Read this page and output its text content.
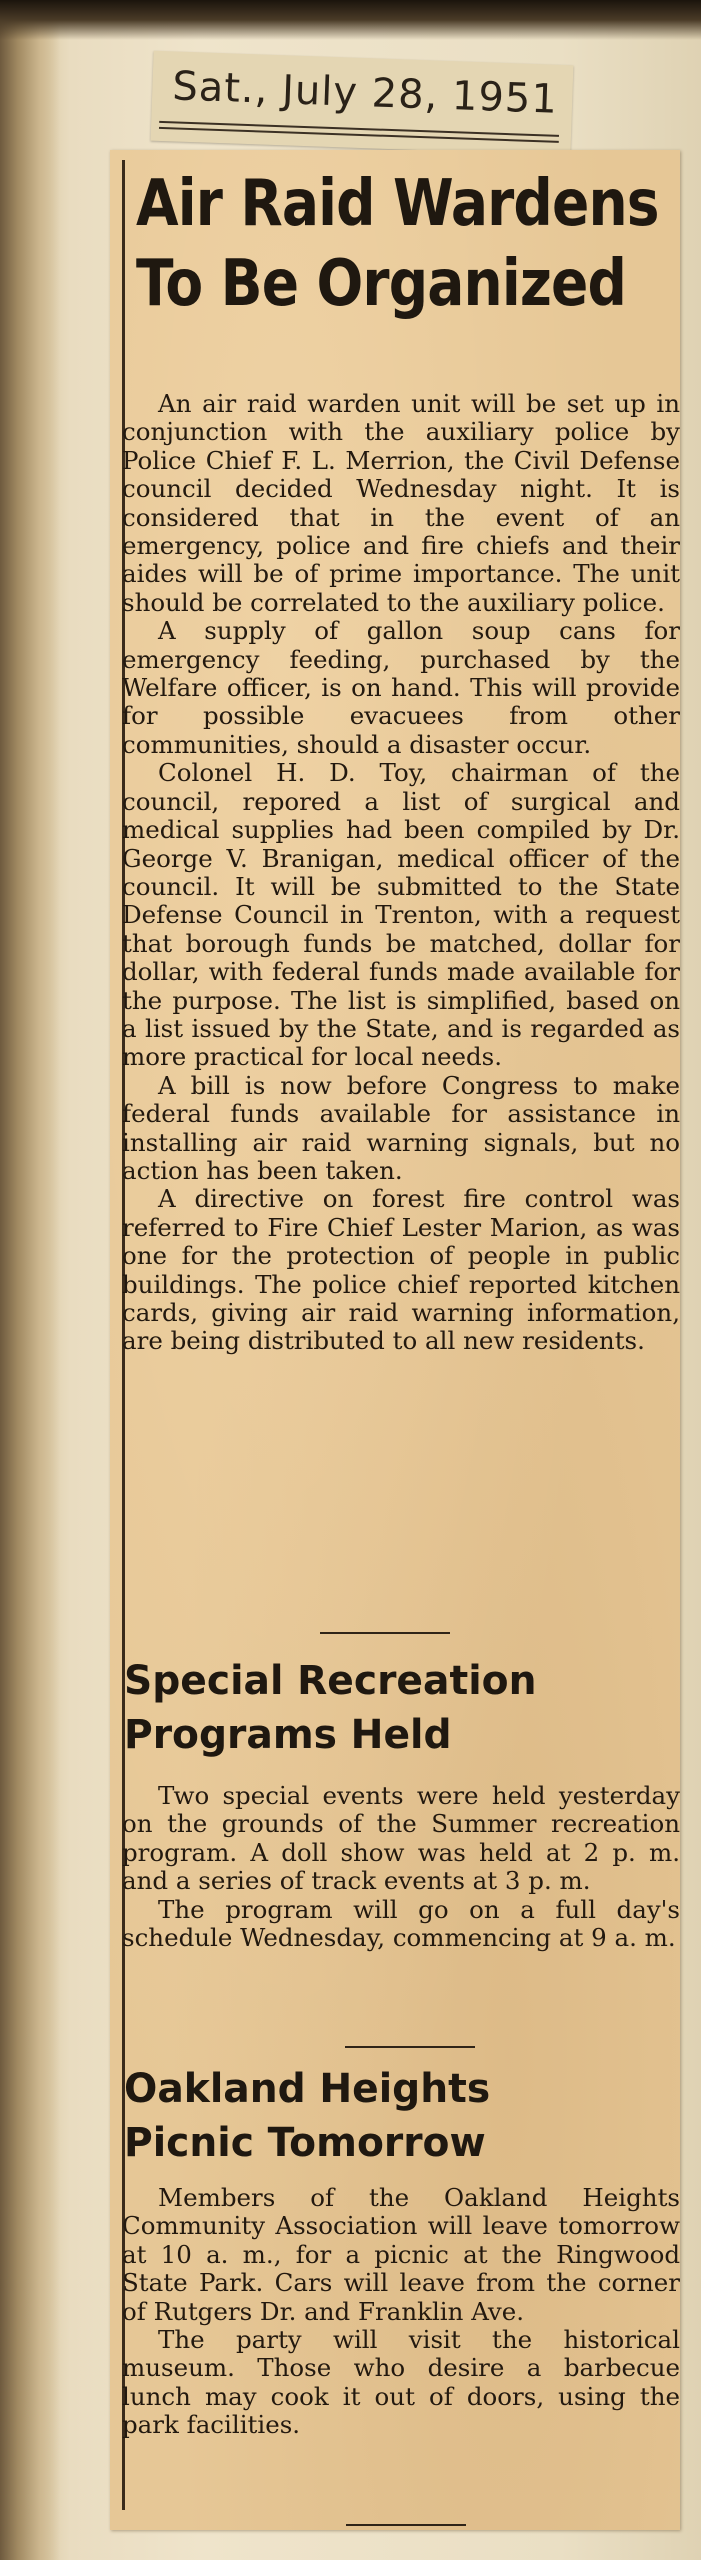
Sat., July 28, 1951
Air Raid Wardens
To Be Organized

An air raid warden unit will be set up in conjunction with the auxiliary police by Police Chief F. L. Merrion, the Civil Defense council decided Wednesday night. It is considered that in the event of an emergency, police and fire chiefs and their aides will be of prime importance. The unit should be correlated to the auxiliary police.

A supply of gallon soup cans for emergency feeding, purchased by the Welfare officer, is on hand. This will provide for possible evacuees from other communities, should a disaster occur.

Colonel H. D. Toy, chairman of the council, repored a list of surgical and medical supplies had been compiled by Dr. George V. Branigan, medical officer of the council. It will be submitted to the State Defense Council in Trenton, with a request that borough funds be matched, dollar for dollar, with federal funds made available for the purpose. The list is simplified, based on a list issued by the State, and is regarded as more practical for local needs.

A bill is now before Congress to make federal funds available for assistance in installing air raid warning signals, but no action has been taken.

A directive on forest fire control was referred to Fire Chief Lester Marion, as was one for the protection of people in public buildings. The police chief reported kitchen cards, giving air raid warning information, are being distributed to all new residents.

Special Recreation
Programs Held

Two special events were held yesterday on the grounds of the Summer recreation program. A doll show was held at 2 p. m. and a series of track events at 3 p. m.

The program will go on a full day's schedule Wednesday, commencing at 9 a. m.

Oakland Heights
Picnic Tomorrow

Members of the Oakland Heights Community Association will leave tomorrow at 10 a. m., for a picnic at the Ringwood State Park. Cars will leave from the corner of Rutgers Dr. and Franklin Ave.

The party will visit the historical museum. Those who desire a barbecue lunch may cook it out of doors, using the park facilities.
